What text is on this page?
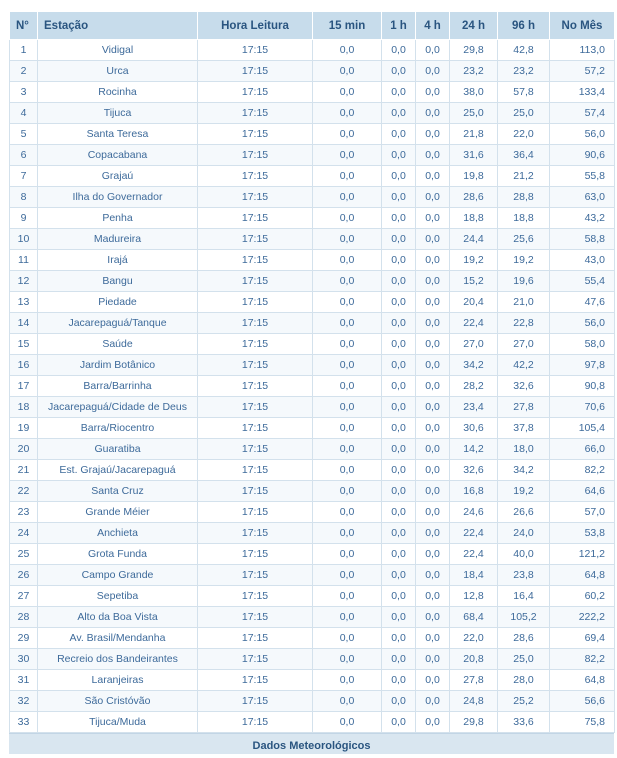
N°	Estação	Hora Leitura	15 min	1 h	4 h	24 h	96 h	No Mês
1	Vidigal	17:15	0,0	0,0	0,0	29,8	42,8	113,0
2	Urca	17:15	0,0	0,0	0,0	23,2	23,2	57,2
3	Rocinha	17:15	0,0	0,0	0,0	38,0	57,8	133,4
4	Tijuca	17:15	0,0	0,0	0,0	25,0	25,0	57,4
5	Santa Teresa	17:15	0,0	0,0	0,0	21,8	22,0	56,0
6	Copacabana	17:15	0,0	0,0	0,0	31,6	36,4	90,6
7	Grajaú	17:15	0,0	0,0	0,0	19,8	21,2	55,8
8	Ilha do Governador	17:15	0,0	0,0	0,0	28,6	28,8	63,0
9	Penha	17:15	0,0	0,0	0,0	18,8	18,8	43,2
10	Madureira	17:15	0,0	0,0	0,0	24,4	25,6	58,8
11	Irajá	17:15	0,0	0,0	0,0	19,2	19,2	43,0
12	Bangu	17:15	0,0	0,0	0,0	15,2	19,6	55,4
13	Piedade	17:15	0,0	0,0	0,0	20,4	21,0	47,6
14	Jacarepaguá/Tanque	17:15	0,0	0,0	0,0	22,4	22,8	56,0
15	Saúde	17:15	0,0	0,0	0,0	27,0	27,0	58,0
16	Jardim Botânico	17:15	0,0	0,0	0,0	34,2	42,2	97,8
17	Barra/Barrinha	17:15	0,0	0,0	0,0	28,2	32,6	90,8
18	Jacarepaguá/Cidade de Deus	17:15	0,0	0,0	0,0	23,4	27,8	70,6
19	Barra/Riocentro	17:15	0,0	0,0	0,0	30,6	37,8	105,4
20	Guaratiba	17:15	0,0	0,0	0,0	14,2	18,0	66,0
21	Est. Grajaú/Jacarepaguá	17:15	0,0	0,0	0,0	32,6	34,2	82,2
22	Santa Cruz	17:15	0,0	0,0	0,0	16,8	19,2	64,6
23	Grande Méier	17:15	0,0	0,0	0,0	24,6	26,6	57,0
24	Anchieta	17:15	0,0	0,0	0,0	22,4	24,0	53,8
25	Grota Funda	17:15	0,0	0,0	0,0	22,4	40,0	121,2
26	Campo Grande	17:15	0,0	0,0	0,0	18,4	23,8	64,8
27	Sepetiba	17:15	0,0	0,0	0,0	12,8	16,4	60,2
28	Alto da Boa Vista	17:15	0,0	0,0	0,0	68,4	105,2	222,2
29	Av. Brasil/Mendanha	17:15	0,0	0,0	0,0	22,0	28,6	69,4
30	Recreio dos Bandeirantes	17:15	0,0	0,0	0,0	20,8	25,0	82,2
31	Laranjeiras	17:15	0,0	0,0	0,0	27,8	28,0	64,8
32	São Cristóvão	17:15	0,0	0,0	0,0	24,8	25,2	56,6
33	Tijuca/Muda	17:15	0,0	0,0	0,0	29,8	33,6	75,8
Dados Meteorológicos
